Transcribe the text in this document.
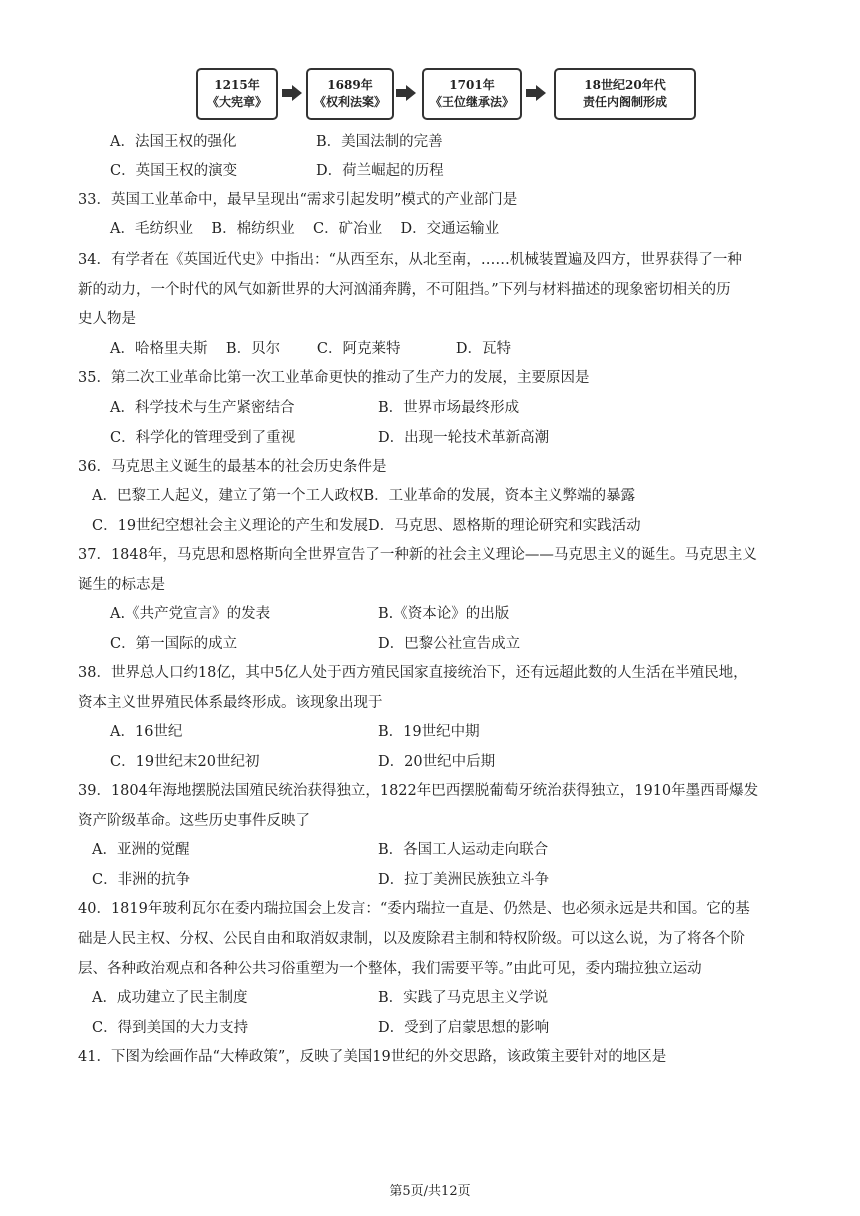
1215年
《大宪章》
1689年
《权利法案》
1701年
《王位继承法》
18世纪20年代
责任内阁制形成
A．法国王权的强化	B．美国法制的完善
C．英国王权的演变	D．荷兰崛起的历程
33．英国工业革命中，最早呈现出“需求引起发明”模式的产业部门是
A．毛纺织业    B．棉纺织业    C．矿冶业    D．交通运输业
34．有学者在《英国近代史》中指出：“从西至东，从北至南，……机械装置遍及四方，世界获得了一种
新的动力，一个时代的风气如新世界的大河汹涌奔腾，不可阻挡。”下列与材料描述的现象密切相关的历
史人物是
A．哈格里夫斯    B．贝尔        C．阿克莱特            D．瓦特
35．第二次工业革命比第一次工业革命更快的推动了生产力的发展，主要原因是
A．科学技术与生产紧密结合	B．世界市场最终形成
C．科学化的管理受到了重视	D．出现一轮技术革新高潮
36．马克思主义诞生的最基本的社会历史条件是
A．巴黎工人起义，建立了第一个工人政权B．工业革命的发展，资本主义弊端的暴露
C．19世纪空想社会主义理论的产生和发展D．马克思、恩格斯的理论研究和实践活动
37．1848年，马克思和恩格斯向全世界宣告了一种新的社会主义理论——马克思主义的诞生。马克思主义
诞生的标志是
A.《共产党宣言》的发表	B.《资本论》的出版
C．第一国际的成立	D．巴黎公社宣告成立
38．世界总人口约18亿，其中5亿人处于西方殖民国家直接统治下，还有远超此数的人生活在半殖民地，
资本主义世界殖民体系最终形成。该现象出现于
A．16世纪	B．19世纪中期
C．19世纪末20世纪初	D．20世纪中后期
39．1804年海地摆脱法国殖民统治获得独立，1822年巴西摆脱葡萄牙统治获得独立，1910年墨西哥爆发
资产阶级革命。这些历史事件反映了
A．亚洲的觉醒	B．各国工人运动走向联合
C．非洲的抗争	D．拉丁美洲民族独立斗争
40．1819年玻利瓦尔在委内瑞拉国会上发言：“委内瑞拉一直是、仍然是、也必须永远是共和国。它的基
础是人民主权、分权、公民自由和取消奴隶制，以及废除君主制和特权阶级。可以这么说，为了将各个阶
层、各种政治观点和各种公共习俗重塑为一个整体，我们需要平等。”由此可见，委内瑞拉独立运动
A．成功建立了民主制度	B．实践了马克思主义学说
C．得到美国的大力支持	D．受到了启蒙思想的影响
41．下图为绘画作品“大棒政策”，反映了美国19世纪的外交思路，该政策主要针对的地区是
第5页/共12页
